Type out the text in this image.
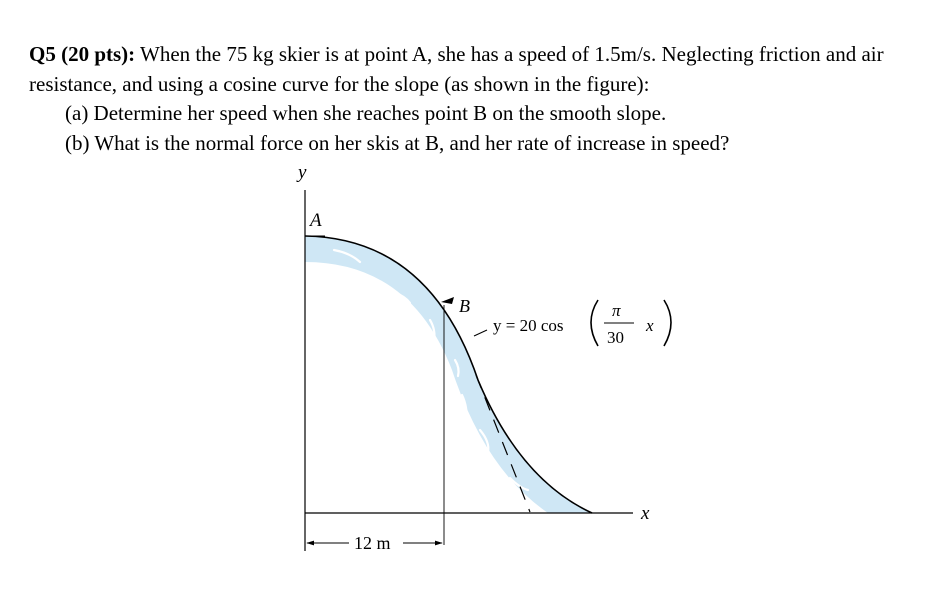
Q5 (20 pts): When the 75 kg skier is at point A, she has a speed of 1.5m/s. Neglecting friction and air resistance, and using a cosine curve for the slope (as shown in the figure):

(a) Determine her speed when she reaches point B on the smooth slope.

(b) What is the normal force on her skis at B, and her rate of increase in speed?

y
x
A
B
y = 20 cos
π
30
x
12 m
